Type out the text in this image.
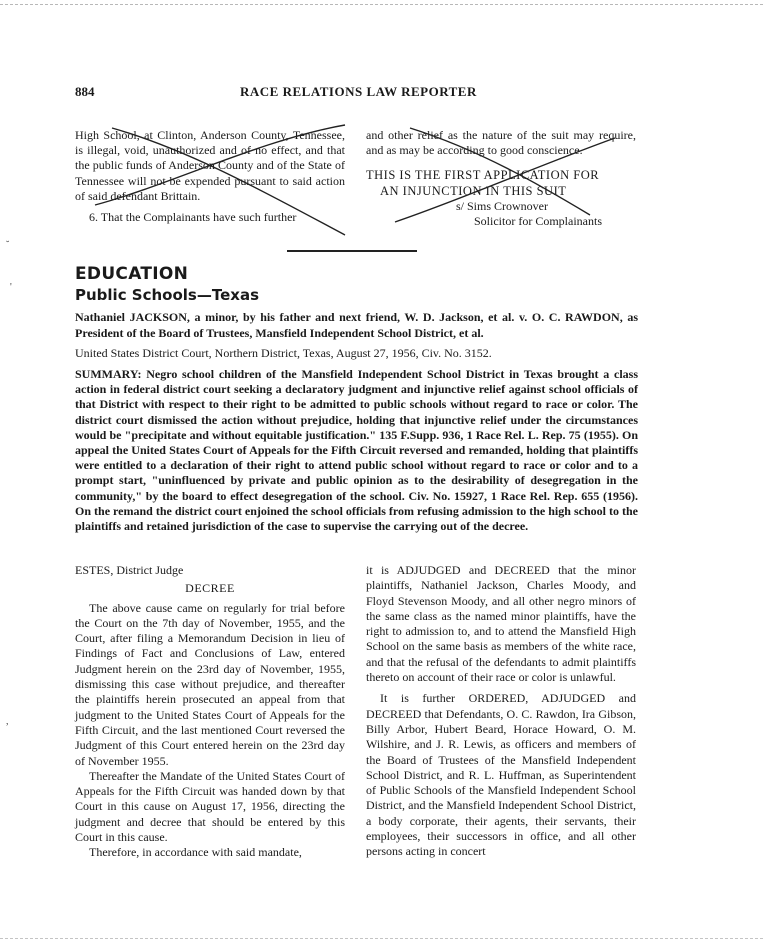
884	RACE RELATIONS LAW REPORTER

High School, at Clinton, Anderson County, Tennessee, is illegal, void, unauthorized and of no effect, and that the public funds of Anderson County and of the State of Tennessee will not be expended pursuant to said action of said defendant Brittain.

6. That the Complainants have such further

and other relief as the nature of the suit may require, and as may be according to good conscience.

THIS IS THE FIRST APPLICATION FOR

AN INJUNCTION IN THIS SUIT

s/ Sims Crownover

Solicitor for Complainants

˘
'
,
EDUCATION
Public Schools—Texas
Nathaniel JACKSON, a minor, by his father and next friend, W. D. Jackson, et al. v. O. C. RAWDON, as President of the Board of Trustees, Mansfield Independent School District, et al.
United States District Court, Northern District, Texas, August 27, 1956, Civ. No. 3152.
SUMMARY: Negro school children of the Mansfield Independent School District in Texas brought a class action in federal district court seeking a declaratory judgment and injunctive relief against school officials of that District with respect to their right to be admitted to public schools without regard to race or color. The district court dismissed the action without prejudice, holding that injunctive relief under the circumstances would be "precipitate and without equitable justification." 135 F.Supp. 936, 1 Race Rel. L. Rep. 75 (1955). On appeal the United States Court of Appeals for the Fifth Circuit reversed and remanded, holding that plaintiffs were entitled to a declaration of their right to attend public school without regard to race or color and to a prompt start, "uninfluenced by private and public opinion as to the desirability of desegregation in the community," by the board to effect desegregation of the school. Civ. No. 15927, 1 Race Rel. Rep. 655 (1956). On the remand the district court enjoined the school officials from refusing admission to the high school to the plaintiffs and retained jurisdiction of the case to supervise the carrying out of the decree.

ESTES, District Judge

DECREE

The above cause came on regularly for trial before the Court on the 7th day of November, 1955, and the Court, after filing a Memorandum Decision in lieu of Findings of Fact and Conclusions of Law, entered Judgment herein on the 23rd day of November, 1955, dismissing this case without prejudice, and thereafter the plaintiffs herein prosecuted an appeal from that judgment to the United States Court of Appeals for the Fifth Circuit, and the last mentioned Court reversed the Judgment of this Court entered herein on the 23rd day of November 1955.

Thereafter the Mandate of the United States Court of Appeals for the Fifth Circuit was handed down by that Court in this cause on August 17, 1956, directing the judgment and decree that should be entered by this Court in this cause.

Therefore, in accordance with said mandate,

it is ADJUDGED and DECREED that the minor plaintiffs, Nathaniel Jackson, Charles Moody, and Floyd Stevenson Moody, and all other negro minors of the same class as the named minor plaintiffs, have the right to admission to, and to attend the Mansfield High School on the same basis as members of the white race, and that the refusal of the defendants to admit plaintiffs thereto on account of their race or color is unlawful.

It is further ORDERED, ADJUDGED and DECREED that Defendants, O. C. Rawdon, Ira Gibson, Billy Arbor, Hubert Beard, Horace Howard, O. M. Wilshire, and J. R. Lewis, as officers and members of the Board of Trustees of the Mansfield Independent School District, and R. L. Huffman, as Superintendent of Public Schools of the Mansfield Independent School District, and the Mansfield Independent School District, a body corporate, their agents, their servants, their employees, their successors in office, and all other persons acting in concert
